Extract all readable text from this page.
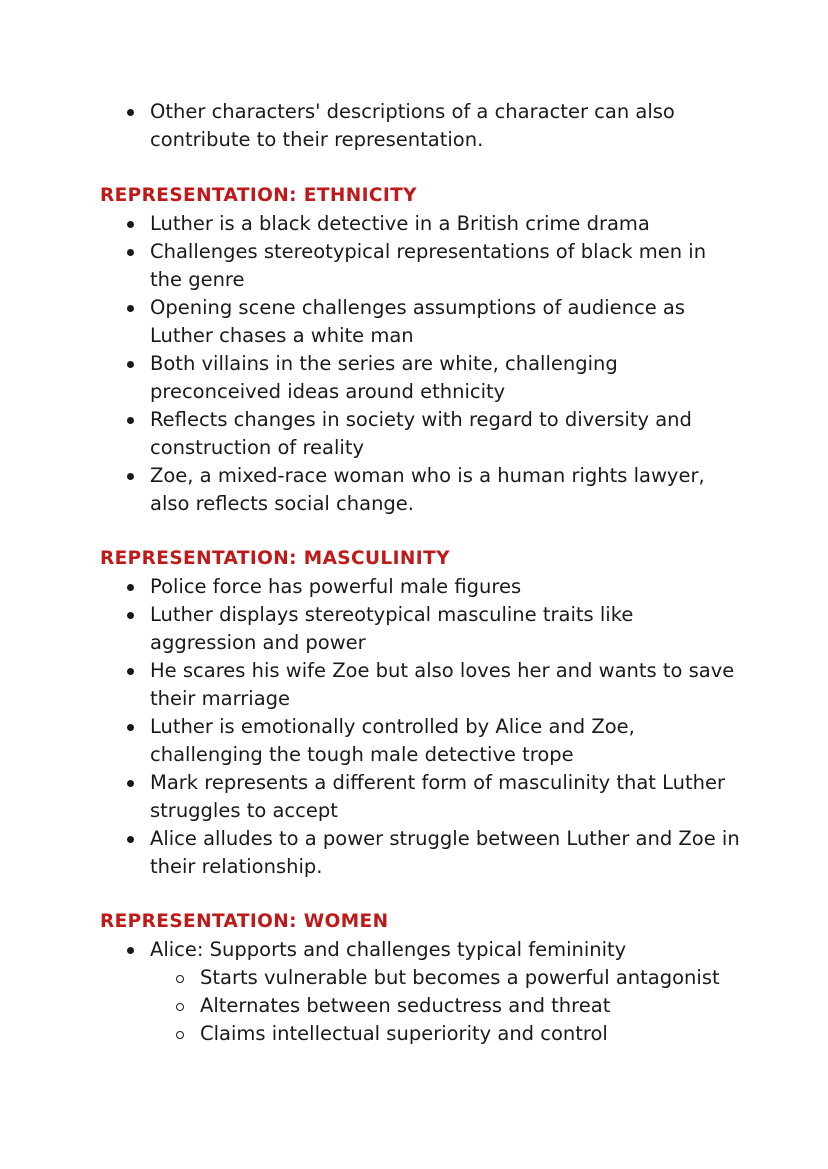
Other characters' descriptions of a character can also contribute to their representation.
REPRESENTATION: ETHNICITY
Luther is a black detective in a British crime drama
Challenges stereotypical representations of black men in the genre
Opening scene challenges assumptions of audience as Luther chases a white man
Both villains in the series are white, challenging preconceived ideas around ethnicity
Reflects changes in society with regard to diversity and construction of reality
Zoe, a mixed-race woman who is a human rights lawyer, also reflects social change.
REPRESENTATION: MASCULINITY
Police force has powerful male figures
Luther displays stereotypical masculine traits like aggression and power
He scares his wife Zoe but also loves her and wants to save their marriage
Luther is emotionally controlled by Alice and Zoe, challenging the tough male detective trope
Mark represents a different form of masculinity that Luther struggles to accept
Alice alludes to a power struggle between Luther and Zoe in their relationship.
REPRESENTATION: WOMEN
Alice: Supports and challenges typical femininity
Starts vulnerable but becomes a powerful antagonist
Alternates between seductress and threat
Claims intellectual superiority and control
